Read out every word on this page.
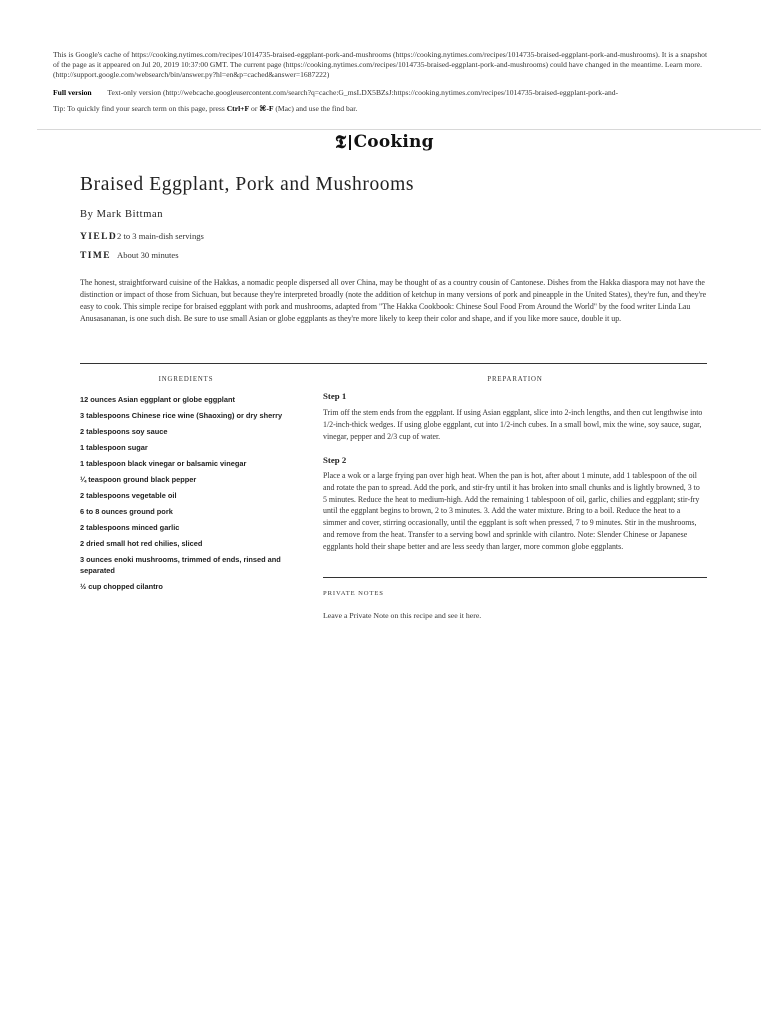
This is Google's cache of https://cooking.nytimes.com/recipes/1014735-braised-eggplant-pork-and-mushrooms (https://cooking.nytimes.com/recipes/1014735-braised-eggplant-pork-and-mushrooms). It is a snapshot of the page as it appeared on Jul 20, 2019 10:37:00 GMT. The current page (https://cooking.nytimes.com/recipes/1014735-braised-eggplant-pork-and-mushrooms) could have changed in the meantime. Learn more. (http://support.google.com/websearch/bin/answer.py?hl=en&p=cached&answer=1687222)
Full version Text-only version (http://webcache.googleusercontent.com/search?q=cache:G_msLDX5BZsJ:https://cooking.nytimes.com/recipes/1014735-braised-eggplant-pork-and-
Tip: To quickly find your search term on this page, press Ctrl+F or ⌘-F (Mac) and use the find bar.
𝕿 Cooking
Braised Eggplant, Pork and Mushrooms
By Mark Bittman
YIELD 2 to 3 main-dish servings
TIME About 30 minutes

The honest, straightforward cuisine of the Hakkas, a nomadic people dispersed all over China, may be thought of as a country cousin of Cantonese. Dishes from the Hakka diaspora may not have the distinction or impact of those from Sichuan, but because they're interpreted broadly (note the addition of ketchup in many versions of pork and pineapple in the United States), they're fun, and they're easy to cook. This simple recipe for braised eggplant with pork and mushrooms, adapted from "The Hakka Cookbook: Chinese Soul Food From Around the World" by the food writer Linda Lau Anusasananan, is one such dish. Be sure to use small Asian or globe eggplants as they're more likely to keep their color and shape, and if you like more sauce, double it up.

INGREDIENTS
12 ounces Asian eggplant or globe eggplant
3 tablespoons Chinese rice wine (Shaoxing) or dry sherry
2 tablespoons soy sauce
1 tablespoon sugar
1 tablespoon black vinegar or balsamic vinegar
¼ teaspoon ground black pepper
2 tablespoons vegetable oil
6 to 8 ounces ground pork
2 tablespoons minced garlic
2 dried small hot red chilies, sliced
3 ounces enoki mushrooms, trimmed of ends, rinsed and separated
½ cup chopped cilantro
PREPARATION
Step 1

Trim off the stem ends from the eggplant. If using Asian eggplant, slice into 2-inch lengths, and then cut lengthwise into 1/2-inch-thick wedges. If using globe eggplant, cut into 1/2-inch cubes. In a small bowl, mix the wine, soy sauce, sugar, vinegar, pepper and 2/3 cup of water.

Step 2

Place a wok or a large frying pan over high heat. When the pan is hot, after about 1 minute, add 1 tablespoon of the oil and rotate the pan to spread. Add the pork, and stir-fry until it has broken into small chunks and is lightly browned, 3 to 5 minutes. Reduce the heat to medium-high. Add the remaining 1 tablespoon of oil, garlic, chilies and eggplant; stir-fry until the eggplant begins to brown, 2 to 3 minutes. 3. Add the water mixture. Bring to a boil. Reduce the heat to a simmer and cover, stirring occasionally, until the eggplant is soft when pressed, 7 to 9 minutes. Stir in the mushrooms, and remove from the heat. Transfer to a serving bowl and sprinkle with cilantro. Note: Slender Chinese or Japanese eggplants hold their shape better and are less seedy than larger, more common globe eggplants.

PRIVATE NOTES
Leave a Private Note on this recipe and see it here.
